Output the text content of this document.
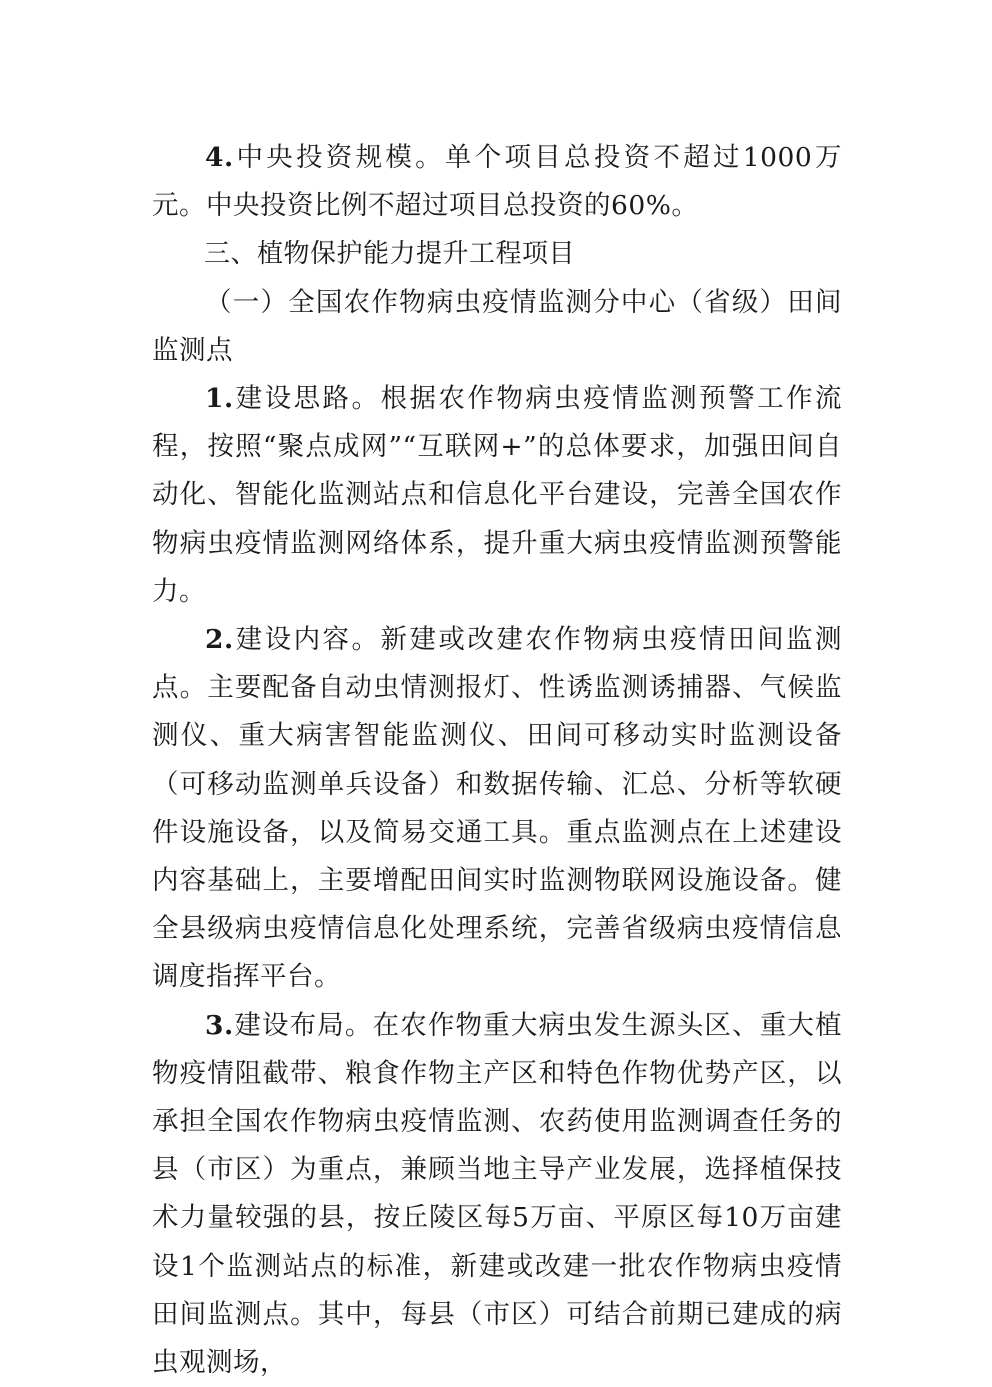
4.中央投资规模。单个项目总投资不超过1000万元。中央投资比例不超过项目总投资的60%。

三、植物保护能力提升工程项目

（一）全国农作物病虫疫情监测分中心（省级）田间监测点

1.建设思路。根据农作物病虫疫情监测预警工作流程，按照“聚点成网”“互联网+”的总体要求，加强田间自动化、智能化监测站点和信息化平台建设，完善全国农作物病虫疫情监测网络体系，提升重大病虫疫情监测预警能力。

2.建设内容。新建或改建农作物病虫疫情田间监测点。主要配备自动虫情测报灯、性诱监测诱捕器、气候监测仪、重大病害智能监测仪、田间可移动实时监测设备（可移动监测单兵设备）和数据传输、汇总、分析等软硬件设施设备，以及简易交通工具。重点监测点在上述建设内容基础上，主要增配田间实时监测物联网设施设备。健全县级病虫疫情信息化处理系统，完善省级病虫疫情信息调度指挥平台。

3.建设布局。在农作物重大病虫发生源头区、重大植物疫情阻截带、粮食作物主产区和特色作物优势产区，以承担全国农作物病虫疫情监测、农药使用监测调查任务的县（市区）为重点，兼顾当地主导产业发展，选择植保技术力量较强的县，按丘陵区每5万亩、平原区每10万亩建设1个监测站点的标准，新建或改建一批农作物病虫疫情田间监测点。其中，每县（市区）可结合前期已建成的病虫观测场，
